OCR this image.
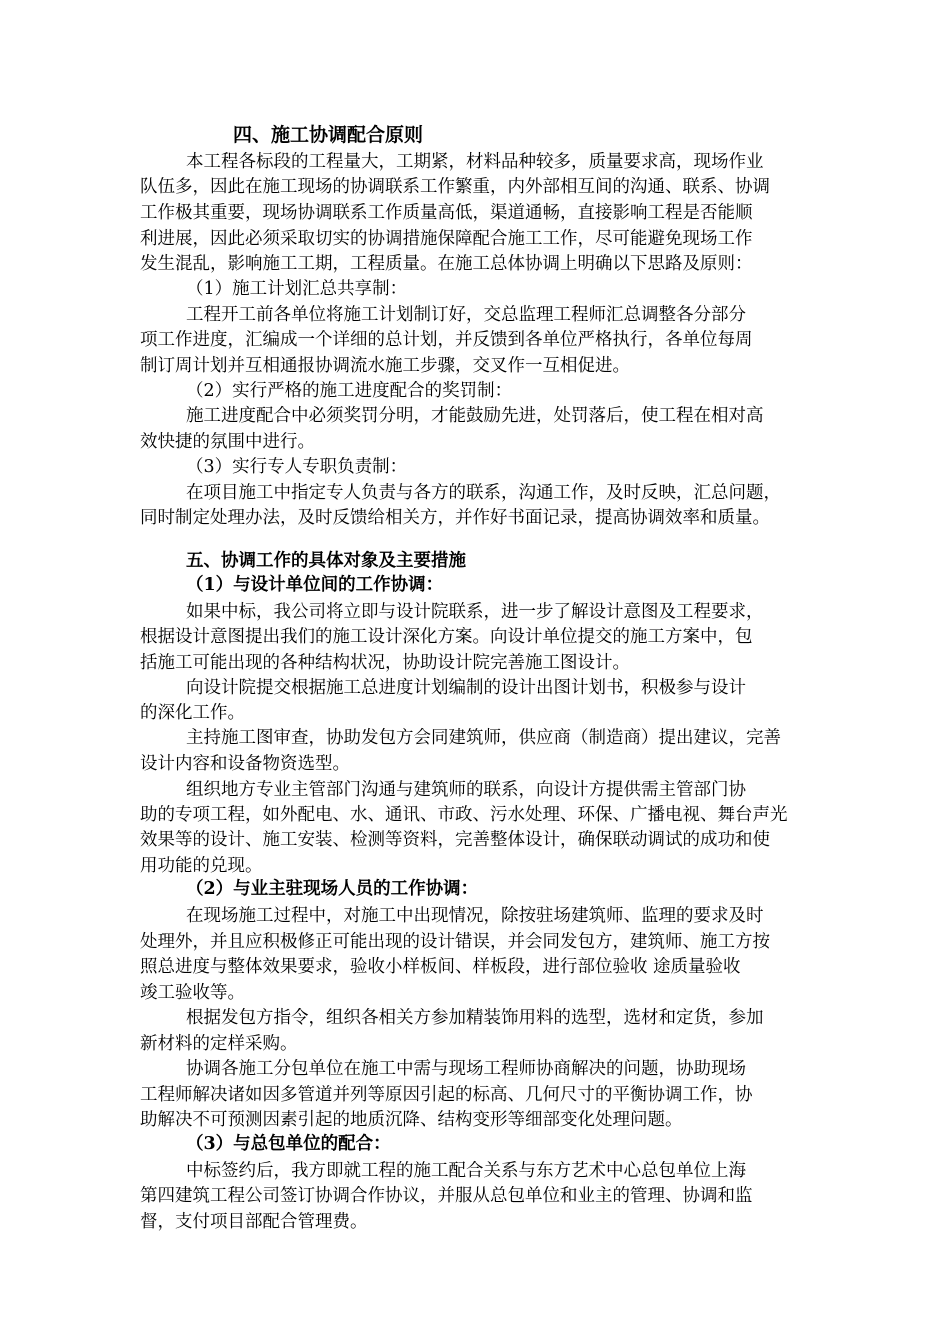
四、施工协调配合原则
本工程各标段的工程量大，工期紧，材料品种较多，质量要求高，现场作业
队伍多，因此在施工现场的协调联系工作繁重，内外部相互间的沟通、联系、协调
工作极其重要，现场协调联系工作质量高低，渠道通畅，直接影响工程是否能顺
利进展，因此必须采取切实的协调措施保障配合施工工作，尽可能避免现场工作
发生混乱，影响施工工期，工程质量。在施工总体协调上明确以下思路及原则：
（1）施工计划汇总共享制：
工程开工前各单位将施工计划制订好，交总监理工程师汇总调整各分部分
项工作进度，汇编成一个详细的总计划，并反馈到各单位严格执行，各单位每周
制订周计划并互相通报协调流水施工步骤，交叉作一互相促进。
（2）实行严格的施工进度配合的奖罚制：
施工进度配合中必须奖罚分明，才能鼓励先进，处罚落后，使工程在相对高
效快捷的氛围中进行。
（3）实行专人专职负责制：
在项目施工中指定专人负责与各方的联系，沟通工作，及时反映，汇总问题，
同时制定处理办法，及时反馈给相关方，并作好书面记录，提高协调效率和质量。
五、协调工作的具体对象及主要措施
（1）与设计单位间的工作协调：
如果中标，我公司将立即与设计院联系，进一步了解设计意图及工程要求，
根据设计意图提出我们的施工设计深化方案。向设计单位提交的施工方案中，包
括施工可能出现的各种结构状况，协助设计院完善施工图设计。
向设计院提交根据施工总进度计划编制的设计出图计划书，积极参与设计
的深化工作。
主持施工图审查，协助发包方会同建筑师，供应商（制造商）提出建议，完善
设计内容和设备物资选型。
组织地方专业主管部门沟通与建筑师的联系，向设计方提供需主管部门协
助的专项工程，如外配电、水、通讯、市政、污水处理、环保、广播电视、舞台声光
效果等的设计、施工安装、检测等资料，完善整体设计，确保联动调试的成功和使
用功能的兑现。
（2）与业主驻现场人员的工作协调：
在现场施工过程中，对施工中出现情况，除按驻场建筑师、监理的要求及时
处理外，并且应积极修正可能出现的设计错误，并会同发包方，建筑师、施工方按
照总进度与整体效果要求，验收小样板间、样板段，进行部位验收 途质量验收
竣工验收等。
根据发包方指令，组织各相关方参加精装饰用料的选型，选材和定货，参加
新材料的定样采购。
协调各施工分包单位在施工中需与现场工程师协商解决的问题，协助现场
工程师解决诸如因多管道并列等原因引起的标高、几何尺寸的平衡协调工作，协
助解决不可预测因素引起的地质沉降、结构变形等细部变化处理问题。
（3）与总包单位的配合：
中标签约后，我方即就工程的施工配合关系与东方艺术中心总包单位上海
第四建筑工程公司签订协调合作协议，并服从总包单位和业主的管理、协调和监
督，支付项目部配合管理费。
